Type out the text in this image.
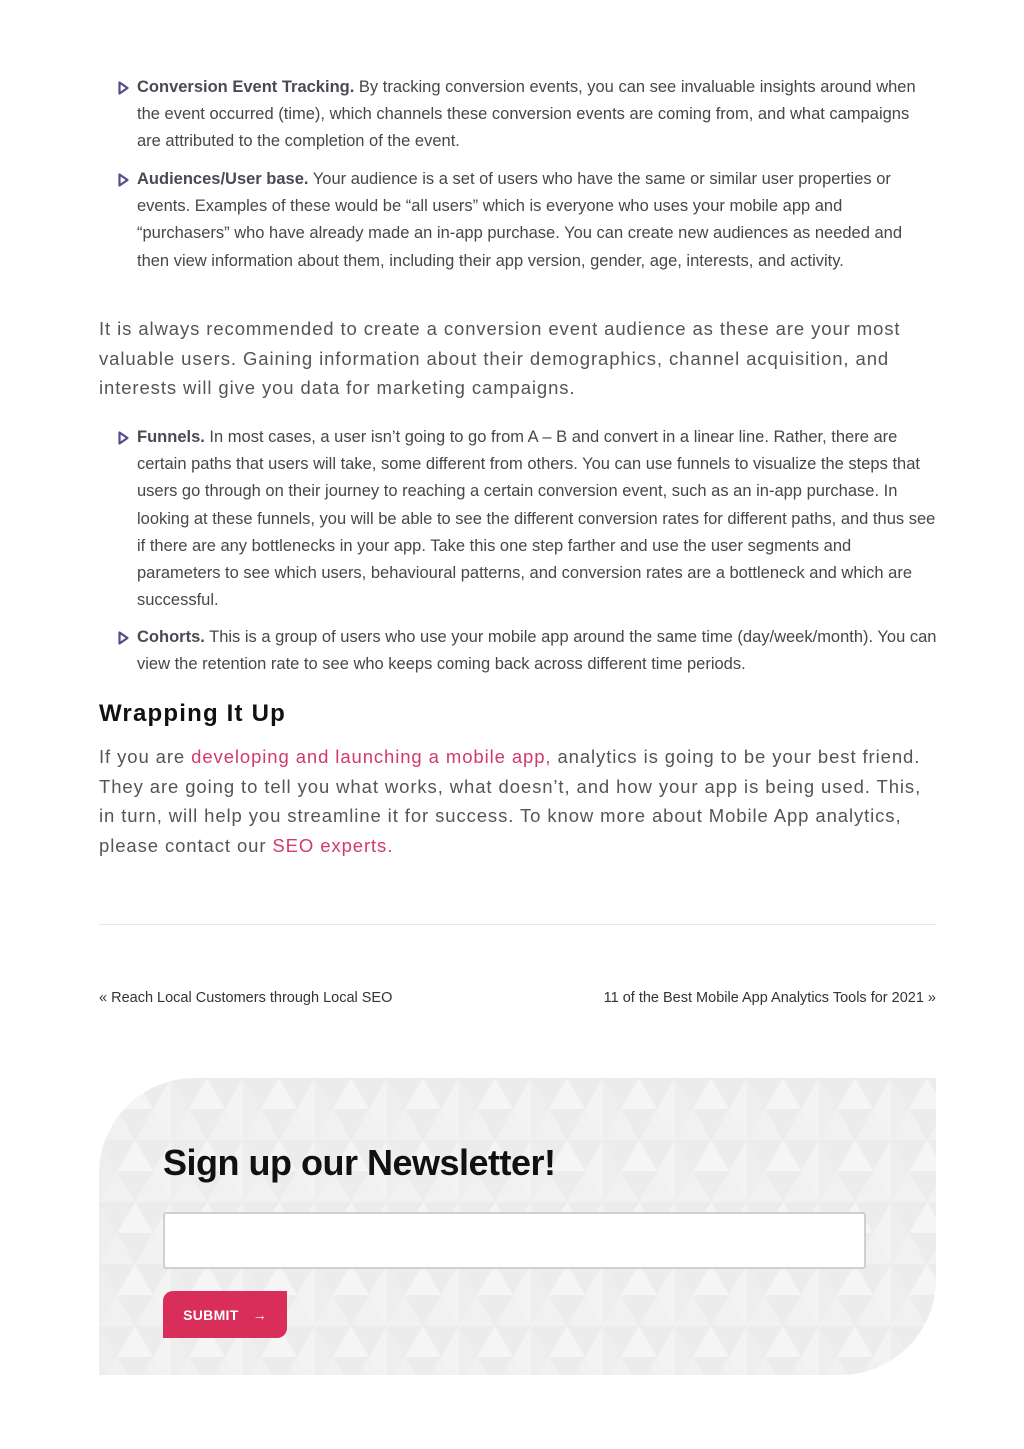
Conversion Event Tracking. By tracking conversion events, you can see invaluable insights around when the event occurred (time), which channels these conversion events are coming from, and what campaigns are attributed to the completion of the event.
Audiences/User base. Your audience is a set of users who have the same or similar user properties or events. Examples of these would be “all users” which is everyone who uses your mobile app and “purchasers” who have already made an in-app purchase. You can create new audiences as needed and then view information about them, including their app version, gender, age, interests, and activity.

It is always recommended to create a conversion event audience as these are your most valuable users. Gaining information about their demographics, channel acquisition, and interests will give you data for marketing campaigns.

Funnels. In most cases, a user isn’t going to go from A – B and convert in a linear line. Rather, there are certain paths that users will take, some different from others. You can use funnels to visualize the steps that users go through on their journey to reaching a certain conversion event, such as an in-app purchase. In looking at these funnels, you will be able to see the different conversion rates for different paths, and thus see if there are any bottlenecks in your app. Take this one step farther and use the user segments and parameters to see which users, behavioural patterns, and conversion rates are a bottleneck and which are successful.
Cohorts. This is a group of users who use your mobile app around the same time (day/week/month). You can view the retention rate to see who keeps coming back across different time periods.
Wrapping It Up

If you are developing and launching a mobile app, analytics is going to be your best friend. They are going to tell you what works, what doesn’t, and how your app is being used. This, in turn, will help you streamline it for success. To know more about Mobile App analytics, please contact our SEO experts.

« Reach Local Customers through Local SEO	11 of the Best Mobile App Analytics Tools for 2021 »
Sign up our Newsletter!
SUBMIT →
